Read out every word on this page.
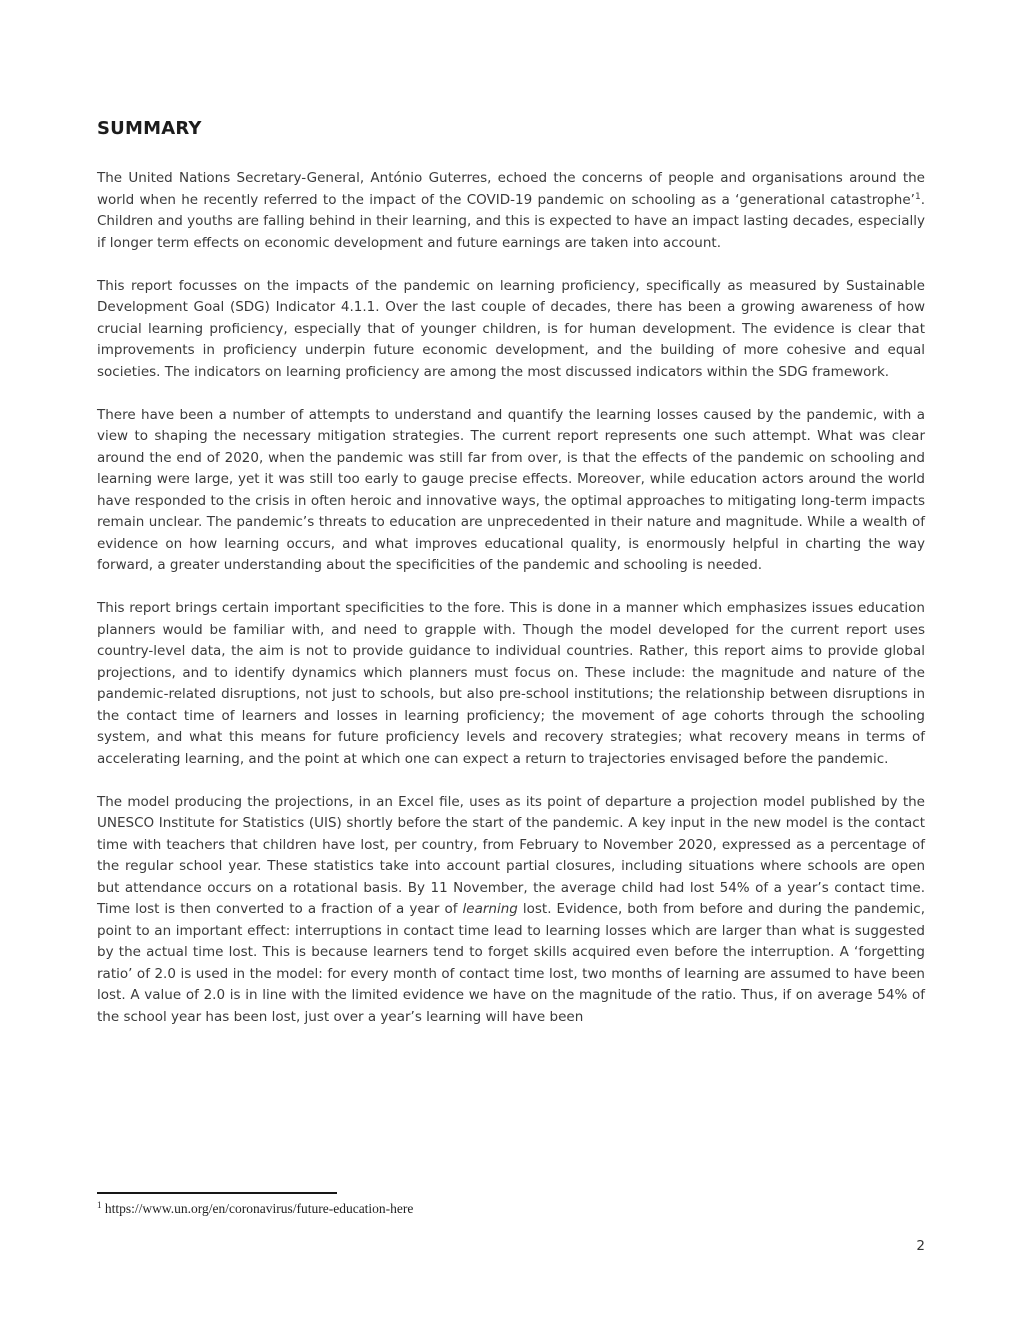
SUMMARY

The United Nations Secretary-General, António Guterres, echoed the concerns of people and organisations around the world when he recently referred to the impact of the COVID-19 pandemic on schooling as a ‘generational catastrophe’$^1$. Children and youths are falling behind in their learning, and this is expected to have an impact lasting decades, especially if longer term effects on economic development and future earnings are taken into account.

This report focusses on the impacts of the pandemic on learning proficiency, specifically as measured by Sustainable Development Goal (SDG) Indicator 4.1.1. Over the last couple of decades, there has been a growing awareness of how crucial learning proficiency, especially that of younger children, is for human development. The evidence is clear that improvements in proficiency underpin future economic development, and the building of more cohesive and equal societies. The indicators on learning proficiency are among the most discussed indicators within the SDG framework.

There have been a number of attempts to understand and quantify the learning losses caused by the pandemic, with a view to shaping the necessary mitigation strategies. The current report represents one such attempt. What was clear around the end of 2020, when the pandemic was still far from over, is that the effects of the pandemic on schooling and learning were large, yet it was still too early to gauge precise effects. Moreover, while education actors around the world have responded to the crisis in often heroic and innovative ways, the optimal approaches to mitigating long-term impacts remain unclear. The pandemic’s threats to education are unprecedented in their nature and magnitude. While a wealth of evidence on how learning occurs, and what improves educational quality, is enormously helpful in charting the way forward, a greater understanding about the specificities of the pandemic and schooling is needed.

This report brings certain important specificities to the fore. This is done in a manner which emphasizes issues education planners would be familiar with, and need to grapple with. Though the model developed for the current report uses country-level data, the aim is not to provide guidance to individual countries. Rather, this report aims to provide global projections, and to identify dynamics which planners must focus on. These include: the magnitude and nature of the pandemic-related disruptions, not just to schools, but also pre-school institutions; the relationship between disruptions in the contact time of learners and losses in learning proficiency; the movement of age cohorts through the schooling system, and what this means for future proficiency levels and recovery strategies; what recovery means in terms of accelerating learning, and the point at which one can expect a return to trajectories envisaged before the pandemic.

The model producing the projections, in an Excel file, uses as its point of departure a projection model published by the UNESCO Institute for Statistics (UIS) shortly before the start of the pandemic. A key input in the new model is the contact time with teachers that children have lost, per country, from February to November 2020, expressed as a percentage of the regular school year. These statistics take into account partial closures, including situations where schools are open but attendance occurs on a rotational basis. By 11 November, the average child had lost 54% of a year’s contact time. Time lost is then converted to a fraction of a year of learning lost. Evidence, both from before and during the pandemic, point to an important effect: interruptions in contact time lead to learning losses which are larger than what is suggested by the actual time lost. This is because learners tend to forget skills acquired even before the interruption. A ‘forgetting ratio’ of 2.0 is used in the model: for every month of contact time lost, two months of learning are assumed to have been lost. A value of 2.0 is in line with the limited evidence we have on the magnitude of the ratio. Thus, if on average 54% of the school year has been lost, just over a year’s learning will have been

$^1$ https://www.un.org/en/coronavirus/future-education-here
2
